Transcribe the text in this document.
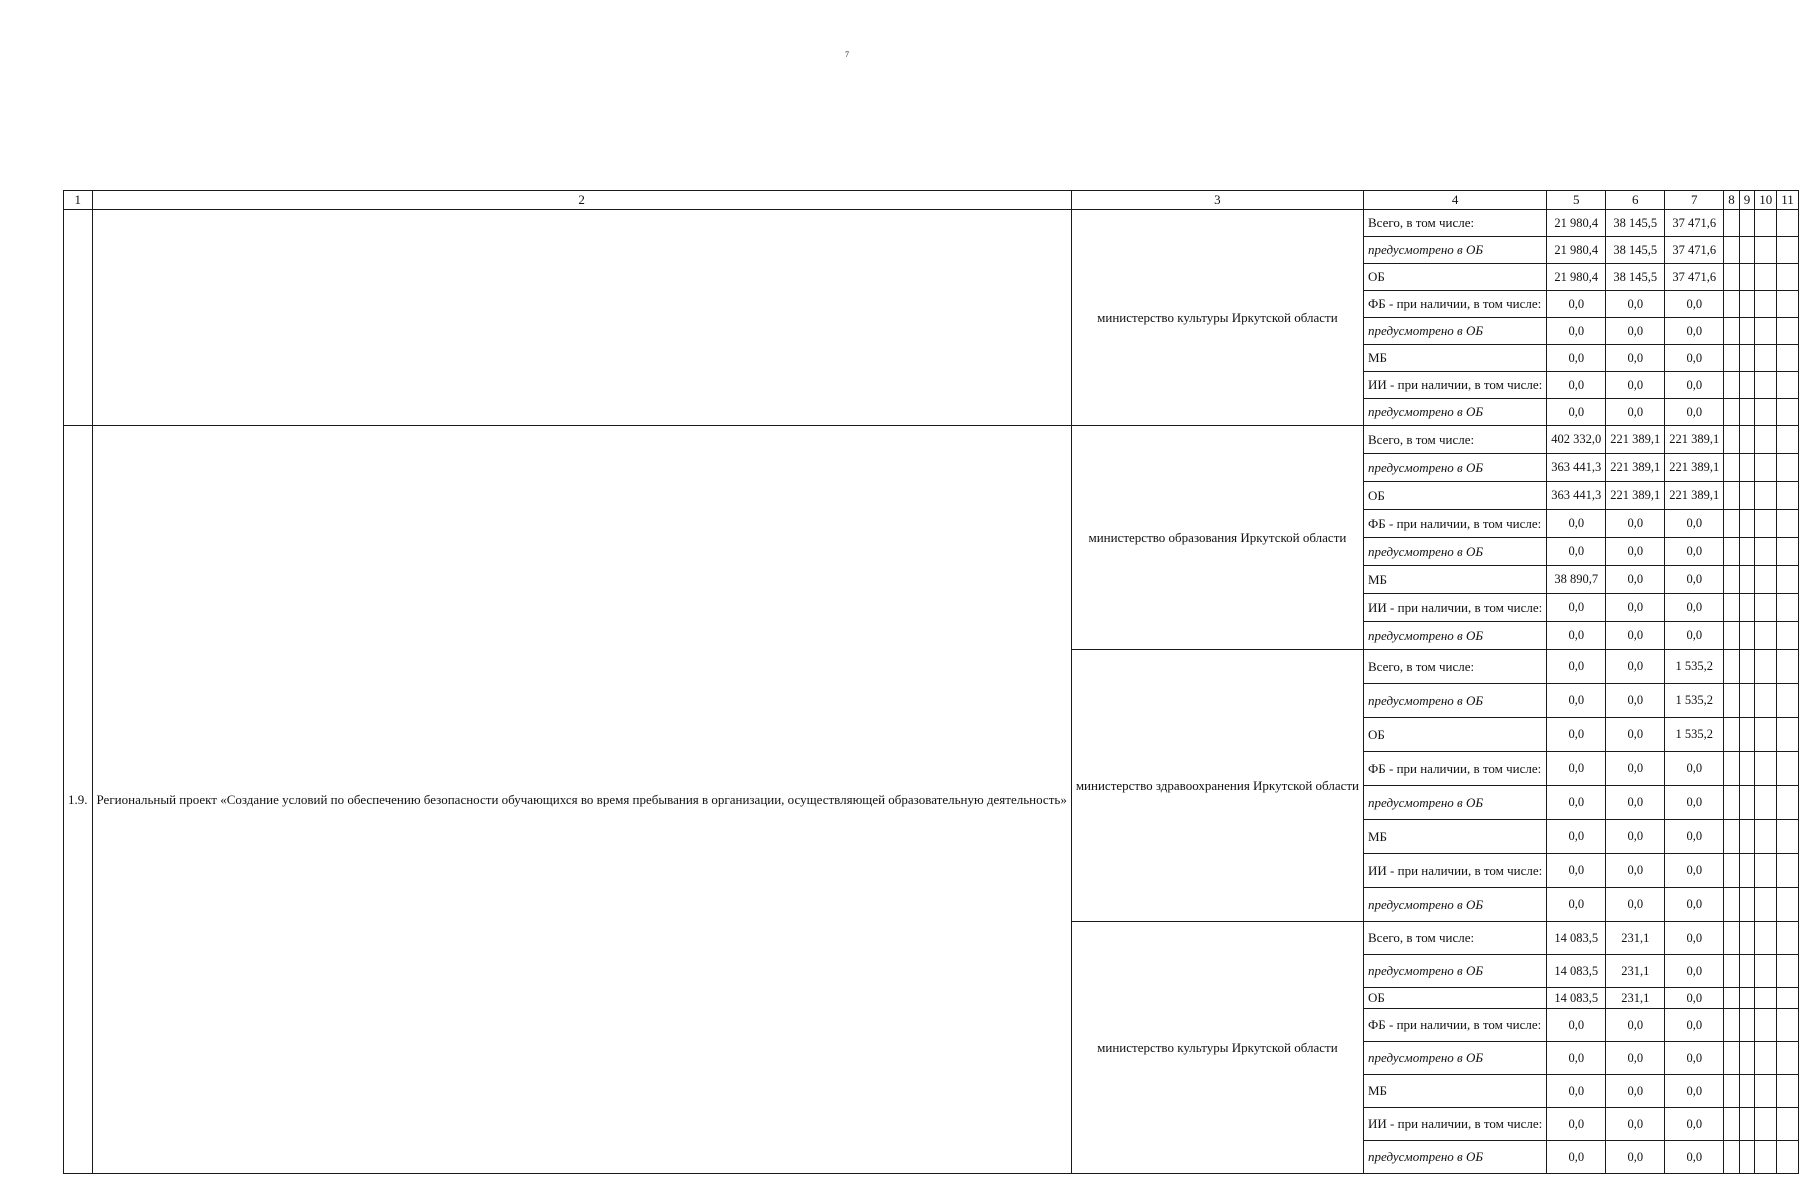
7
1	2	3	4	5	6	7	8	9	10	11
		министерство культуры Иркутской области	Всего, в том числе:	21 980,4	38 145,5	37 471,6				
			предусмотрено в ОБ	21 980,4	38 145,5	37 471,6				
			ОБ	21 980,4	38 145,5	37 471,6				
			ФБ - при наличии, в том числе:	0,0	0,0	0,0				
			предусмотрено в ОБ	0,0	0,0	0,0				
			МБ	0,0	0,0	0,0				
			ИИ - при наличии, в том числе:	0,0	0,0	0,0				
			предусмотрено в ОБ	0,0	0,0	0,0				
1.9.	Региональный проект «Создание условий по обеспечению безопасности обучающихся во время пребывания в организации, осуществляющей образовательную деятельность»	министерство образования Иркутской области	Всего, в том числе:	402 332,0	221 389,1	221 389,1				
			предусмотрено в ОБ	363 441,3	221 389,1	221 389,1				
			ОБ	363 441,3	221 389,1	221 389,1				
			ФБ - при наличии, в том числе:	0,0	0,0	0,0				
			предусмотрено в ОБ	0,0	0,0	0,0				
			МБ	38 890,7	0,0	0,0				
			ИИ - при наличии, в том числе:	0,0	0,0	0,0				
			предусмотрено в ОБ	0,0	0,0	0,0				
		министерство здравоохранения Иркутской области	Всего, в том числе:	0,0	0,0	1 535,2				
			предусмотрено в ОБ	0,0	0,0	1 535,2				
			ОБ	0,0	0,0	1 535,2				
			ФБ - при наличии, в том числе:	0,0	0,0	0,0				
			предусмотрено в ОБ	0,0	0,0	0,0				
			МБ	0,0	0,0	0,0				
			ИИ - при наличии, в том числе:	0,0	0,0	0,0				
			предусмотрено в ОБ	0,0	0,0	0,0				
		министерство культуры Иркутской области	Всего, в том числе:	14 083,5	231,1	0,0				
			предусмотрено в ОБ	14 083,5	231,1	0,0				
			ОБ	14 083,5	231,1	0,0				
			ФБ - при наличии, в том числе:	0,0	0,0	0,0				
			предусмотрено в ОБ	0,0	0,0	0,0				
			МБ	0,0	0,0	0,0				
			ИИ - при наличии, в том числе:	0,0	0,0	0,0				
			предусмотрено в ОБ	0,0	0,0	0,0				
